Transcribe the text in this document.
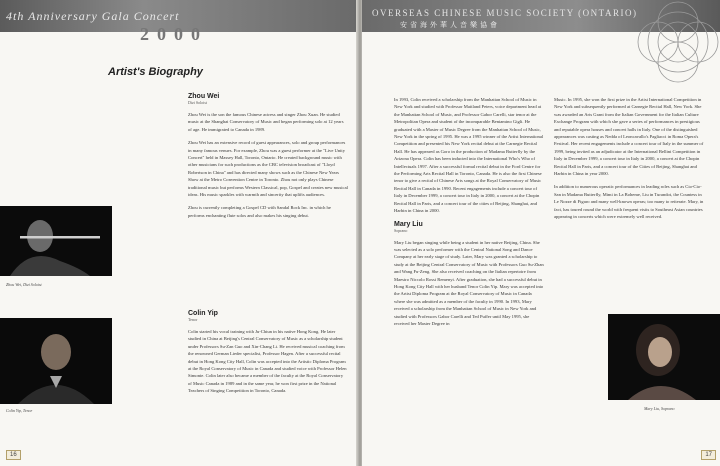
4th Anniversary Gala Concert
2000
Artist's Biography
Zhou Wei
Dizi Soloist

Zhou Wei is the son the famous Chinese actress and singer Zhou Xuan. He studied music at the Shanghai Conservatory of Music and began performing solo at 12 years of age. He immigrated to Canada in 1989.

Zhou Wei has an extensive record of guest appearances, solo and group performances in many famous venues. For example, Zhou was a guest performer at the "Live Unity Concert" held in Massey Hall, Toronto, Ontario. He created background music with other musicians for such productions as the CBC television broadcast of "Lloyd Robertson in China" and has directed many shows such as the Chinese New Years Show at the Metro Convention Centre in Toronto. Zhou not only plays Chinese traditional music but performs Western Classical, pop, Gospel and creates new musical ideas. His music sparkles with warmth and sincerity that uplifts audiences.

Zhou is currently completing a Gospel CD with Sandal Rock Inc. in which he performs enchanting flute solos and also makes his singing debut.

Zhou Wei, Dizi Soloist
Colin Yip
Tenor

Colin started his vocal training with Ju-Chiun in his native Hong Kong. He later studied in China at Beijing's Central Conservatory of Music as a scholarship student under Professors Su-Zan Guo and Xin-Chang Li. He received musical coaching from the renowned German Lieder specialist, Professor Hagen. After a successful recital debut in Hong Kong City Hall, Colin was accepted into the Artistic Diploma Program at the Royal Conservatory of Music in Canada and studied voice with Professor Helen Simonie. Colin later also became a member of the faculty at the Royal Conservatory of Music Canada in 1989 and in the same year, he won first prize in the National Teachers of Singing Competition in Toronto, Canada.

Colin Yip, Tenor
16
OVERSEAS CHINESE MUSIC SOCIETY (ONTARIO)
安省海外華人音樂協會

In 1993, Colin received a scholarship from the Manhattan School of Music in New York and studied with Professor Maitland Peters, voice department head at the Manhattan School of Music, and Professor Gabor Carelli, star tenor at the Metropolitan Opera and student of the incomparable Beniamino Gigli. He graduated with a Master of Music Degree from the Manhattan School of Music, New York in the spring of 1995. He was a 1995 winner of the Artist International Competition and presented his New York recital debut at the Carnegie Recital Hall. He has appeared as Goro in the production of Madama Butterfly by the Arizona Opera. Colin has been inducted into the International Who's Who of Intellectuals 1997. After a successful formal recital debut in the Ford Centre for the Performing Arts Recital Hall in Toronto, Canada. He is also the first Chinese tenor to give a recital of Chinese Arts songs at the Royal Conservatory of Music Recital Hall in Canada in 1990. Recent engagements include a concert tour of Italy in December 1999, a concert tour in Italy in 2000, a concert at the Chopin Recital Hall in Paris, and a concert tour of the cities of Beijing, Shanghai, and Harbin in China in 2000.

Mary Liu
Soprano

Mary Liu began singing while being a student in her native Beijing, China. She was selected as a solo performer with the Central National Song and Dance Company at her early stage of study. Later, Mary was granted a scholarship to study at the Beijing Central Conservatory of Music with Professors Guo Su-Zhan and Wang Fu-Zeng. She also received coaching on the Italian repertoire from Maestro Niccolo Rossi Remenyi. After graduation, she had a successful debut in Hong Kong City Hall with her husband Tenor Colin Yip. Mary was accepted into the Artist Diploma Program at the Royal Conservatory of Music in Canada where she was admitted as a member of the faculty in 1990. In 1993, Mary received a scholarship from the Manhattan School of Music in New York and studied with Professors Gabor Carelli and Ted Puffer until May 1995, she received her Master Degree in

Music. In 1995, she won the first prize in the Artist International Competition in New York and subsequently performed at Carnegie Recital Hall, New York. She was awarded an Arts Grant from the Italian Government for the Italian Culture Exchange Program with which she gave a series of performances in prestigious and reputable opera houses and concert halls in Italy. One of the distinguished appearances was casting as Nedda of Leoncavallo's Pagliacci in Roma Opera's Festival. Her recent engagements include a concert tour of Italy in the summer of 1999, being invited as an adjudicator at the International Bellini Competition in Italy in December 1999, a concert tour in Italy in 2000, a concert at the Chopin Recital Hall in Paris, and a concert tour of the Cities of Beijing, Shanghai and Harbin in China in year 2000.

In addition to numerous operatic performances in leading roles such as Cio-Cio-San in Madama Butterfly, Mimi in La Boheme, Liu in Turandot, the Countess in Le Nozze di Figaro and many well-known operas; too many to reiterate. Mary, in fact, has toured round the world with frequent visits to Southeast Asian countries appearing in concerts which were extremely well received.

Mary Liu, Soprano
17
